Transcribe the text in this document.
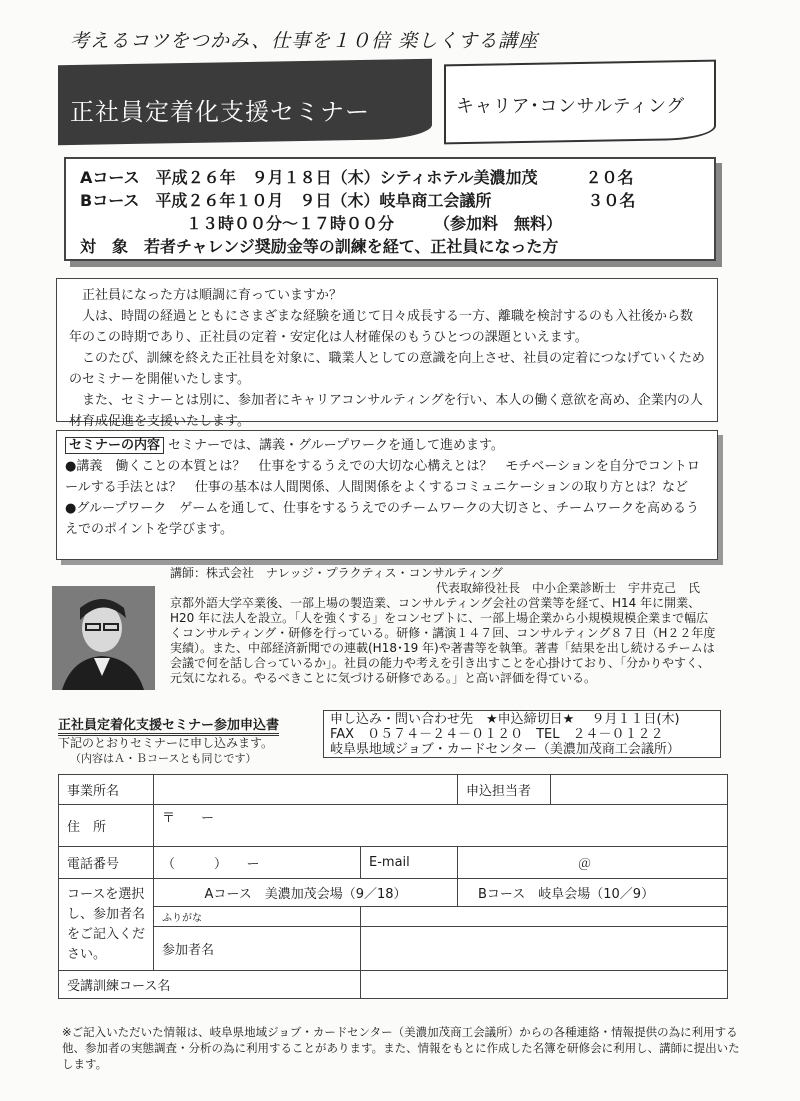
考えるコツをつかみ、仕事を１０倍 楽しくする講座
正社員定着化支援セミナー	キャリア･コンサルティング
Aコース　平成２６年　９月１８日（木）シティホテル美濃加茂　　　２０名
Bコース　平成２６年１０月　９日（木）岐阜商工会議所　　　　　　３０名
１３時００分～１７時００分　　　（参加料　無料）
対　象　若者チャレンジ奨励金等の訓練を経て、正社員になった方

正社員になった方は順調に育っていますか？

人は、時間の経過とともにさまざまな経験を通じて日々成長する一方、離職を検討するのも入社後から数年のこの時期であり、正社員の定着・安定化は人材確保のもうひとつの課題といえます。

このたび、訓練を終えた正社員を対象に、職業人としての意識を向上させ、社員の定着につなげていくためのセミナーを開催いたします。

また、セミナーとは別に、参加者にキャリアコンサルティングを行い、本人の働く意欲を高め、企業内の人材育成促進を支援いたします。

セミナーの内容 セミナーでは、講義・グループワークを通して進めます。

●講義　働くことの本質とは？　仕事をするうえでの大切な心構えとは？　モチベーションを自分でコントロールする手法とは？　仕事の基本は人間関係、人間関係をよくするコミュニケーションの取り方とは？など

●グループワーク　ゲームを通して、仕事をするうえでのチームワークの大切さと、チームワークを高めるうえでのポイントを学びます。

講師：株式会社　ナレッジ・プラクティス・コンサルティング

代表取締役社長　中小企業診断士　宇井克己　氏

京都外語大学卒業後、一部上場の製造業、コンサルティング会社の営業等を経て、H14 年に開業、H20 年に法人を設立。「人を強くする」をコンセプトに、一部上場企業から小規模規模企業まで幅広くコンサルティング・研修を行っている。研修・講演１４７回、コンサルティング８７日（H２２年度実績）。また、中部経済新聞での連載(H18･19 年)や著書等を執筆。著書「結果を出し続けるチームは会議で何を話し合っているか」。社員の能力や考えを引き出すことを心掛けており、「分かりやすく、元気になれる。やるべきことに気づける研修である。」と高い評価を得ている。

正社員定着化支援セミナー参加申込書
下記のとおりセミナーに申し込みます。
（内容はＡ・Ｂコースとも同じです）
申し込み・問い合わせ先　★申込締切日★　 ９月１１日(木)
FAX　０５７４－２４－０１２０　TEL　２４－０１２２
岐阜県地域ジョブ・カードセンター（美濃加茂商工会議所）
事業所名			申込担当者	
住　所	〒　　ー			
電話番号	（　　　）　　ー	E-mail	＠	
コースを選択し、参加者名をご記入ください。	Aコース　美濃加茂会場（9／18）		Bコース　岐阜会場（10／9）	
	ふりがな			
	参加者名			
受講訓練コース名				
※ご記入いただいた情報は、岐阜県地域ジョブ・カードセンター（美濃加茂商工会議所）からの各種連絡・情報提供の為に利用する他、参加者の実態調査・分析の為に利用することがあります。また、情報をもとに作成した名簿を研修会に利用し、講師に提出いたします。
